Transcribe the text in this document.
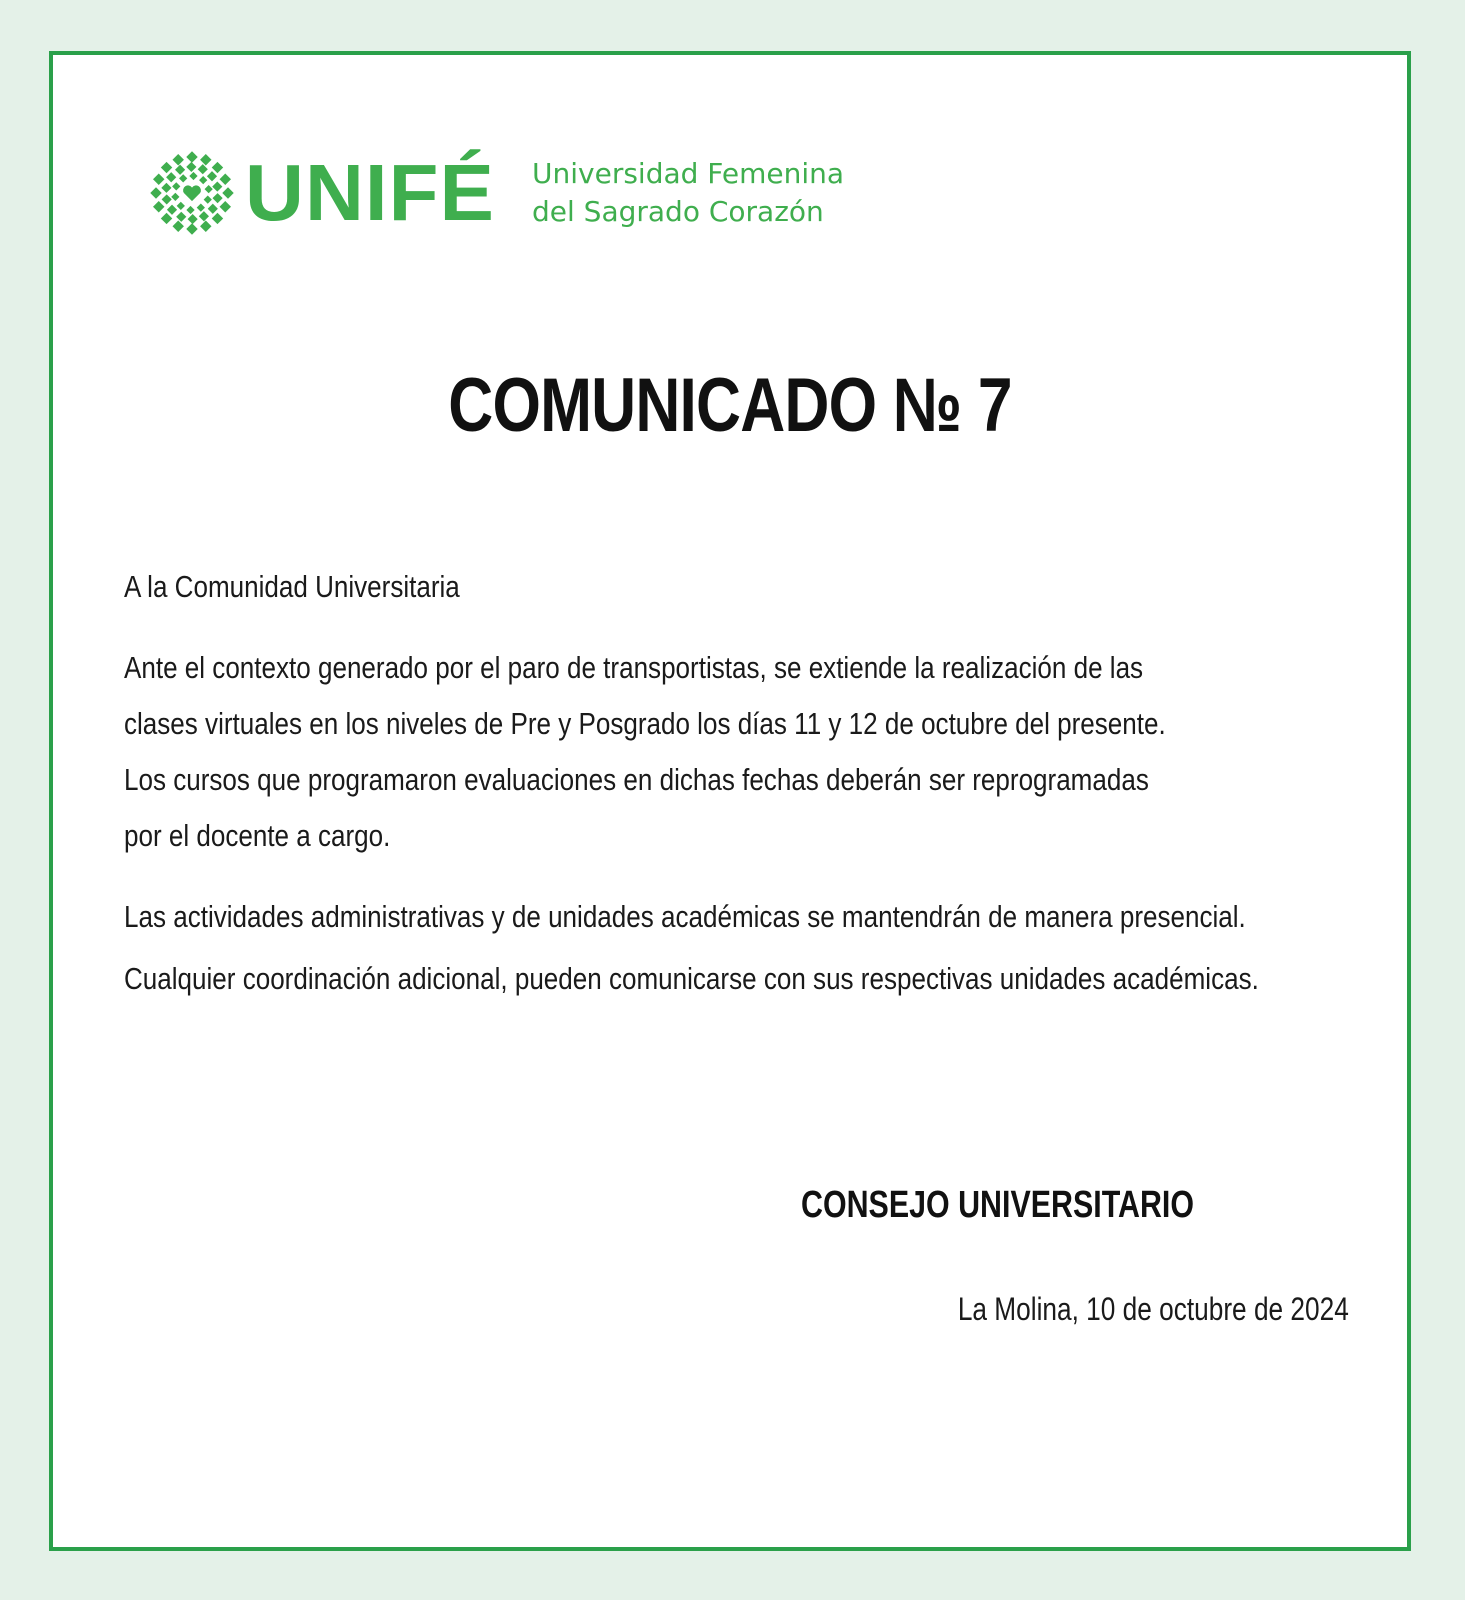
UNIFÉ Universidad Femenina
del Sagrado Corazón
COMUNICADO № 7
A la Comunidad Universitaria
Ante el contexto generado por el paro de transportistas, se extiende la realización de las
clases virtuales en los niveles de Pre y Posgrado los días 11 y 12 de octubre del presente.
Los cursos que programaron evaluaciones en dichas fechas deberán ser reprogramadas
por el docente a cargo.
Las actividades administrativas y de unidades académicas se mantendrán de manera presencial.
Cualquier coordinación adicional, pueden comunicarse con sus respectivas unidades académicas.
CONSEJO UNIVERSITARIO
La Molina, 10 de octubre de 2024
